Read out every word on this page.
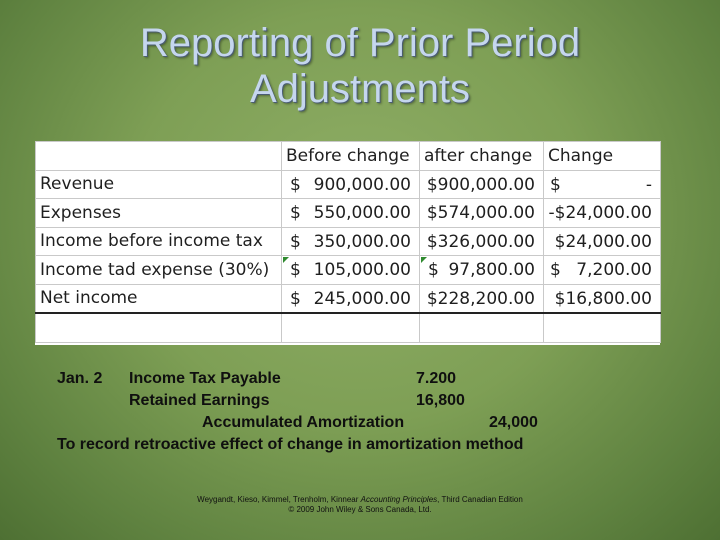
Reporting of Prior Period
Adjustments
	Before change	after change	Change
Revenue	$ 900,000.00	$900,000.00	$ -

Expenses	$ 550,000.00	$574,000.00	-$24,000.00

Income before income tax	$ 350,000.00	$326,000.00	$24,000.00

Income tad expense (30%)	$ 105,000.00	$ 97,800.00	$ 7,200.00

Net income	$ 245,000.00	$228,200.00	$16,800.00

Jan. 2 Income Tax Payable	7.200
Retained Earnings	16,800
Accumulated Amortization	24,000
To record retroactive effect of change in amortization method
Weygandt, Kieso, Kimmel, Trenholm, Kinnear Accounting Principles, Third Canadian Edition
© 2009 John Wiley & Sons Canada, Ltd.
